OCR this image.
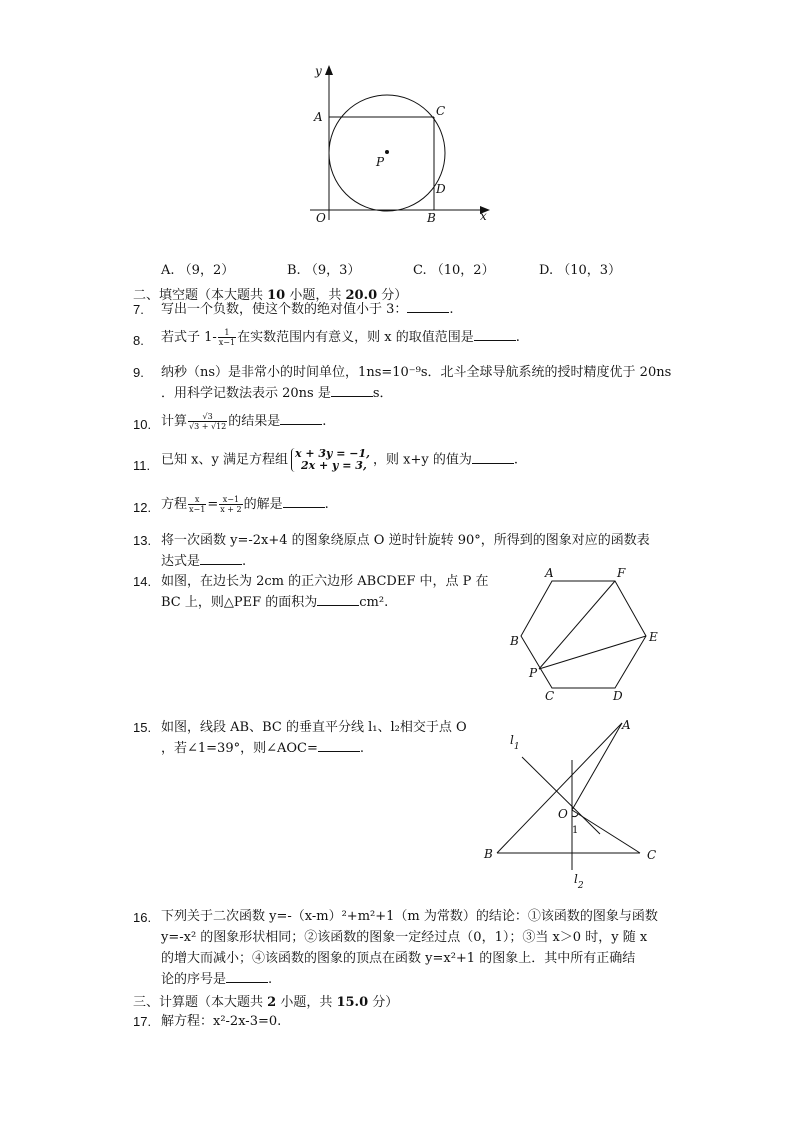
y
x
A	C
P
D
O	B
A. （9，2）	B. （9，3）	C. （10，2）	D. （10，3）
二、填空题（本大题共 10 小题，共 20.0 分）
7. 写出一个负数，使这个数的绝对值小于 3：	.
8. 若式子 $1- \frac{1}{x-1}$ 在实数范围内有意义，则 x 的取值范围是	.
9. 纳秒（ns）是非常小的时间单位，1ns=10⁻⁹s．北斗全球导航系统的授时精度优于 20ns
．用科学记数法表示 20ns 是	s．
10. 计算 $\frac{√3}{√3 + √12}$ 的结果是	.
11. 已知 x、y 满足方程组 x + 3y = −1,
2x + y = 3, ，则 x+y 的值为	.
12. 方程 $\frac{x}{x-1} = \frac{x-1}{x + 2}$ 的解是	.
13. 将一次函数 y=-2x+4 的图象绕原点 O 逆时针旋转 90°，所得到的图象对应的函数表
达式是	.
14. 如图，在边长为 2cm 的正六边形 ABCDEF 中，点 P 在
BC 上，则△PEF 的面积为	cm².
A	F
B	E
P
C	D
15. 如图，线段 AB、BC 的垂直平分线 l₁、l₂相交于点 O
，若∠1=39°，则∠AOC=	.
$l_1$
A
O
1
B	C
$l_2$
16. 下列关于二次函数 y=-（x-m）²+m²+1（m 为常数）的结论：①该函数的图象与函数
y=-x² 的图象形状相同；②该函数的图象一定经过点（0，1）；③当 x＞0 时，y 随 x
的增大而减小；④该函数的图象的顶点在函数 y=x²+1 的图象上．其中所有正确结
论的序号是	.
三、计算题（本大题共 2 小题，共 15.0 分）
17. 解方程：x²-2x-3=0.
